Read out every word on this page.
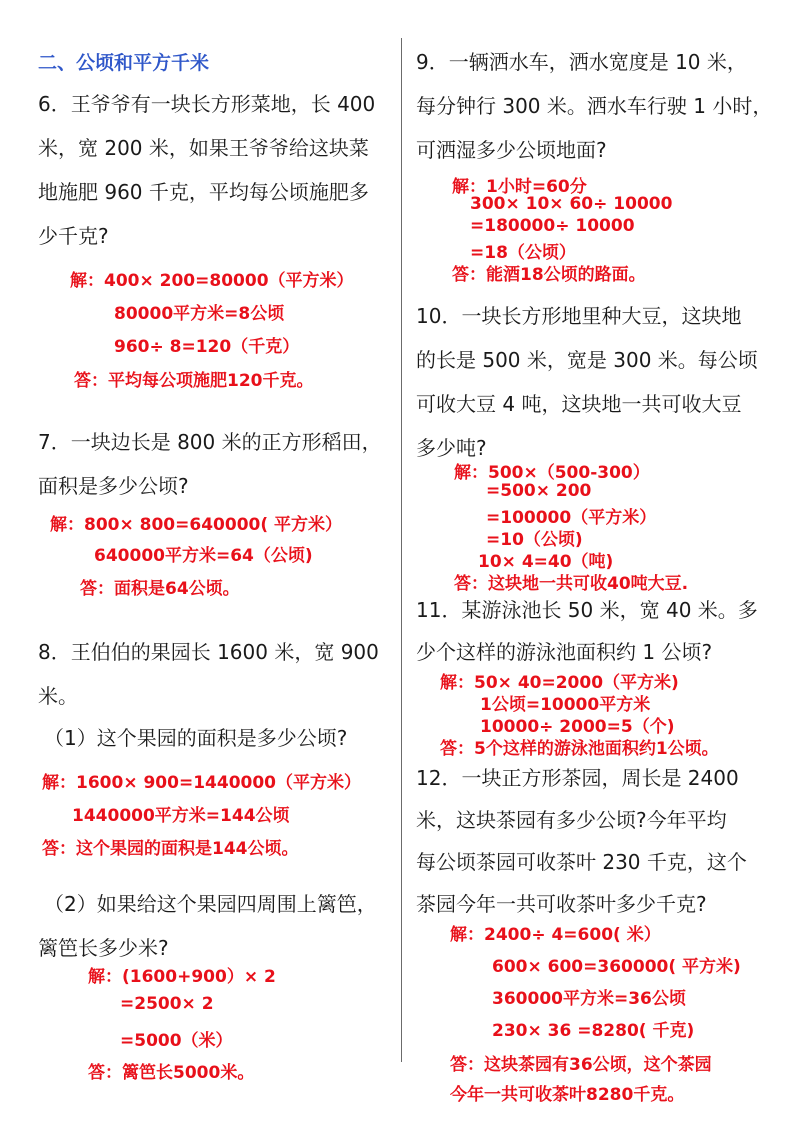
二、公顷和平方千米
6．王爷爷有一块长方形菜地，长 400
米，宽 200 米，如果王爷爷给这块菜
地施肥 960 千克，平均每公顷施肥多
少千克?
解：400× 200=80000（平方米）
80000平方米=8公顷
960÷ 8=120（千克）
答：平均每公项施肥120千克。
7．一块边长是 800 米的正方形稻田，
面积是多少公顷?
解：800× 800=640000( 平方米）
640000平方米=64（公顷)
答：面积是64公顷。
8．王伯伯的果园长 1600 米，宽 900
米。
（1）这个果园的面积是多少公顷?
解：1600× 900=1440000（平方米）
1440000平方米=144公顷
答：这个果园的面积是144公顷。
（2）如果给这个果园四周围上篱笆，
篱笆长多少米?
解：(1600+900）× 2
=2500× 2
=5000（米）
答：篱笆长5000米。
9．一辆洒水车，洒水宽度是 10 米，
每分钟行 300 米。洒水车行驶 1 小时，
可洒湿多少公顷地面?
解：1小时=60分
300× 10× 60÷ 10000
=180000÷ 10000
=18（公顷）
答：能酒18公顷的路面。
10．一块长方形地里种大豆，这块地
的长是 500 米，宽是 300 米。每公顷
可收大豆 4 吨，这块地一共可收大豆
多少吨?
解：500×（500-300）
=500× 200
=100000（平方米）
=10（公顷)
10× 4=40（吨)
答：这块地一共可收40吨大豆.
11．某游泳池长 50 米，宽 40 米。多
少个这样的游泳池面积约 1 公顷?
解：50× 40=2000（平方米)
1公顷=10000平方米
10000÷ 2000=5（个)
答：5个这样的游泳池面积约1公顷。
12．一块正方形茶园，周长是 2400
米，这块茶园有多少公顷?今年平均
每公顷茶园可收茶叶 230 千克，这个
茶园今年一共可收茶叶多少千克?
解：2400÷ 4=600( 米）
600× 600=360000( 平方米)
360000平方米=36公顷
230× 36 =8280( 千克)
答：这块茶园有36公顷，这个茶园
今年一共可收茶叶8280千克。
